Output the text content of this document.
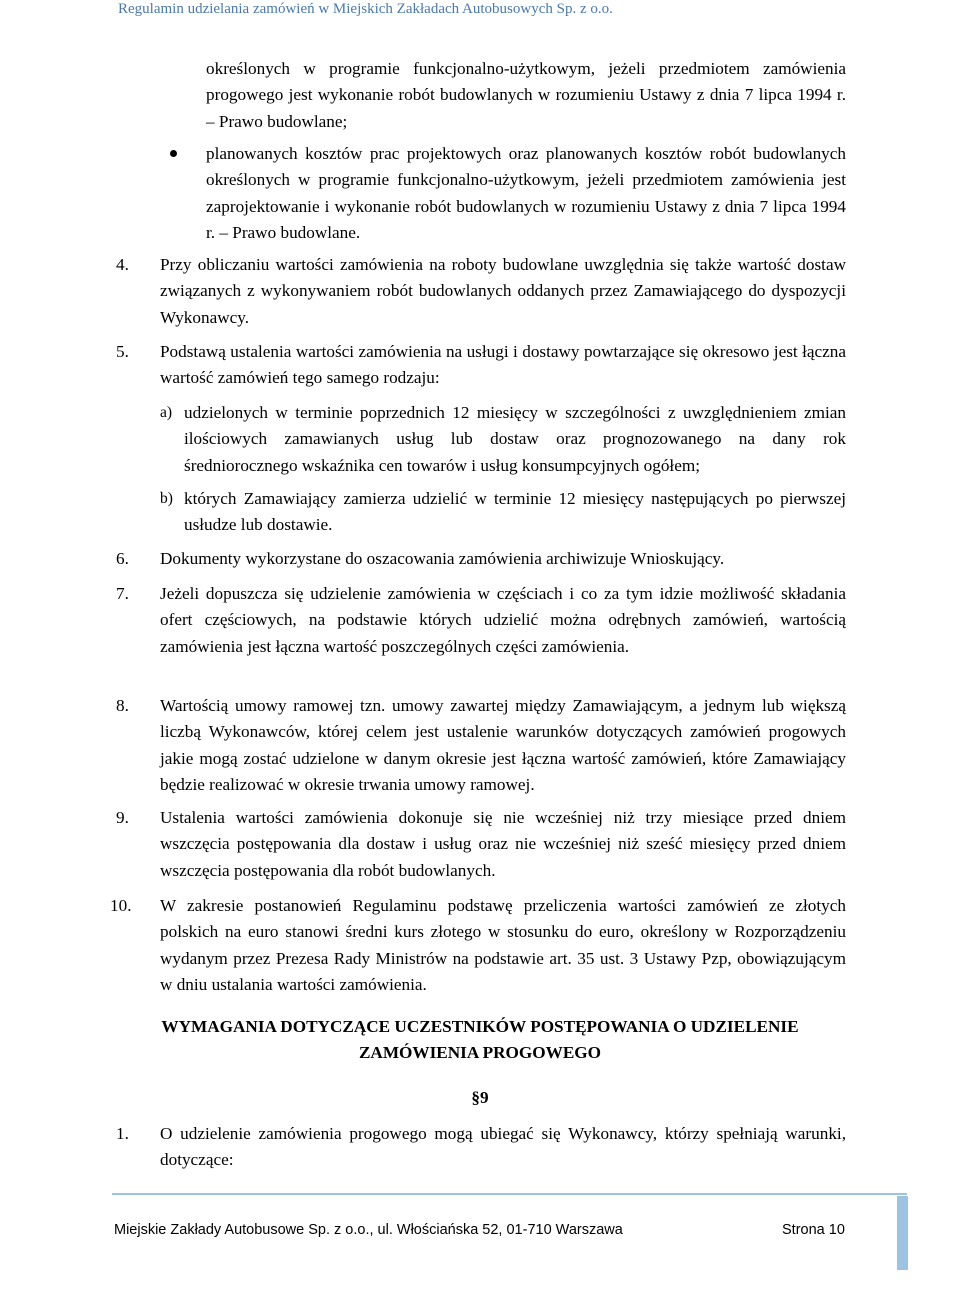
Regulamin udzielania zamówień w Miejskich Zakładach Autobusowych Sp. z o.o.
określonych w programie funkcjonalno-użytkowym, jeżeli przedmiotem zamówienia progowego jest wykonanie robót budowlanych w rozumieniu Ustawy z dnia 7 lipca 1994 r. – Prawo budowlane;
planowanych kosztów prac projektowych oraz planowanych kosztów robót budowlanych określonych w programie funkcjonalno-użytkowym, jeżeli przedmiotem zamówienia jest zaprojektowanie i wykonanie robót budowlanych w rozumieniu Ustawy z dnia 7 lipca 1994 r. – Prawo budowlane.
4. Przy obliczaniu wartości zamówienia na roboty budowlane uwzględnia się także wartość dostaw związanych z wykonywaniem robót budowlanych oddanych przez Zamawiającego do dyspozycji Wykonawcy.
5. Podstawą ustalenia wartości zamówienia na usługi i dostawy powtarzające się okresowo jest łączna wartość zamówień tego samego rodzaju:
a) udzielonych w terminie poprzednich 12 miesięcy w szczególności z uwzględnieniem zmian ilościowych zamawianych usług lub dostaw oraz prognozowanego na dany rok średniorocznego wskaźnika cen towarów i usług konsumpcyjnych ogółem;
b) których Zamawiający zamierza udzielić w terminie 12 miesięcy następujących po pierwszej usłudze lub dostawie.
6. Dokumenty wykorzystane do oszacowania zamówienia archiwizuje Wnioskujący.
7. Jeżeli dopuszcza się udzielenie zamówienia w częściach i co za tym idzie możliwość składania ofert częściowych, na podstawie których udzielić można odrębnych zamówień, wartością zamówienia jest łączna wartość poszczególnych części zamówienia.
8. Wartością umowy ramowej tzn. umowy zawartej między Zamawiającym, a jednym lub większą liczbą Wykonawców, której celem jest ustalenie warunków dotyczących zamówień progowych jakie mogą zostać udzielone w danym okresie jest łączna wartość zamówień, które Zamawiający będzie realizować w okresie trwania umowy ramowej.
9. Ustalenia wartości zamówienia dokonuje się nie wcześniej niż trzy miesiące przed dniem wszczęcia postępowania dla dostaw i usług oraz nie wcześniej niż sześć miesięcy przed dniem wszczęcia postępowania dla robót budowlanych.
10. W zakresie postanowień Regulaminu podstawę przeliczenia wartości zamówień ze złotych polskich na euro stanowi średni kurs złotego w stosunku do euro, określony w Rozporządzeniu wydanym przez Prezesa Rady Ministrów na podstawie art. 35 ust. 3 Ustawy Pzp, obowiązującym w dniu ustalania wartości zamówienia.
WYMAGANIA DOTYCZĄCE UCZESTNIKÓW POSTĘPOWANIA O UDZIELENIE ZAMÓWIENIA PROGOWEGO
§9
1. O udzielenie zamówienia progowego mogą ubiegać się Wykonawcy, którzy spełniają warunki, dotyczące:
Miejskie Zakłady Autobusowe Sp. z o.o., ul. Włościańska 52, 01-710 Warszawa	Strona 10
